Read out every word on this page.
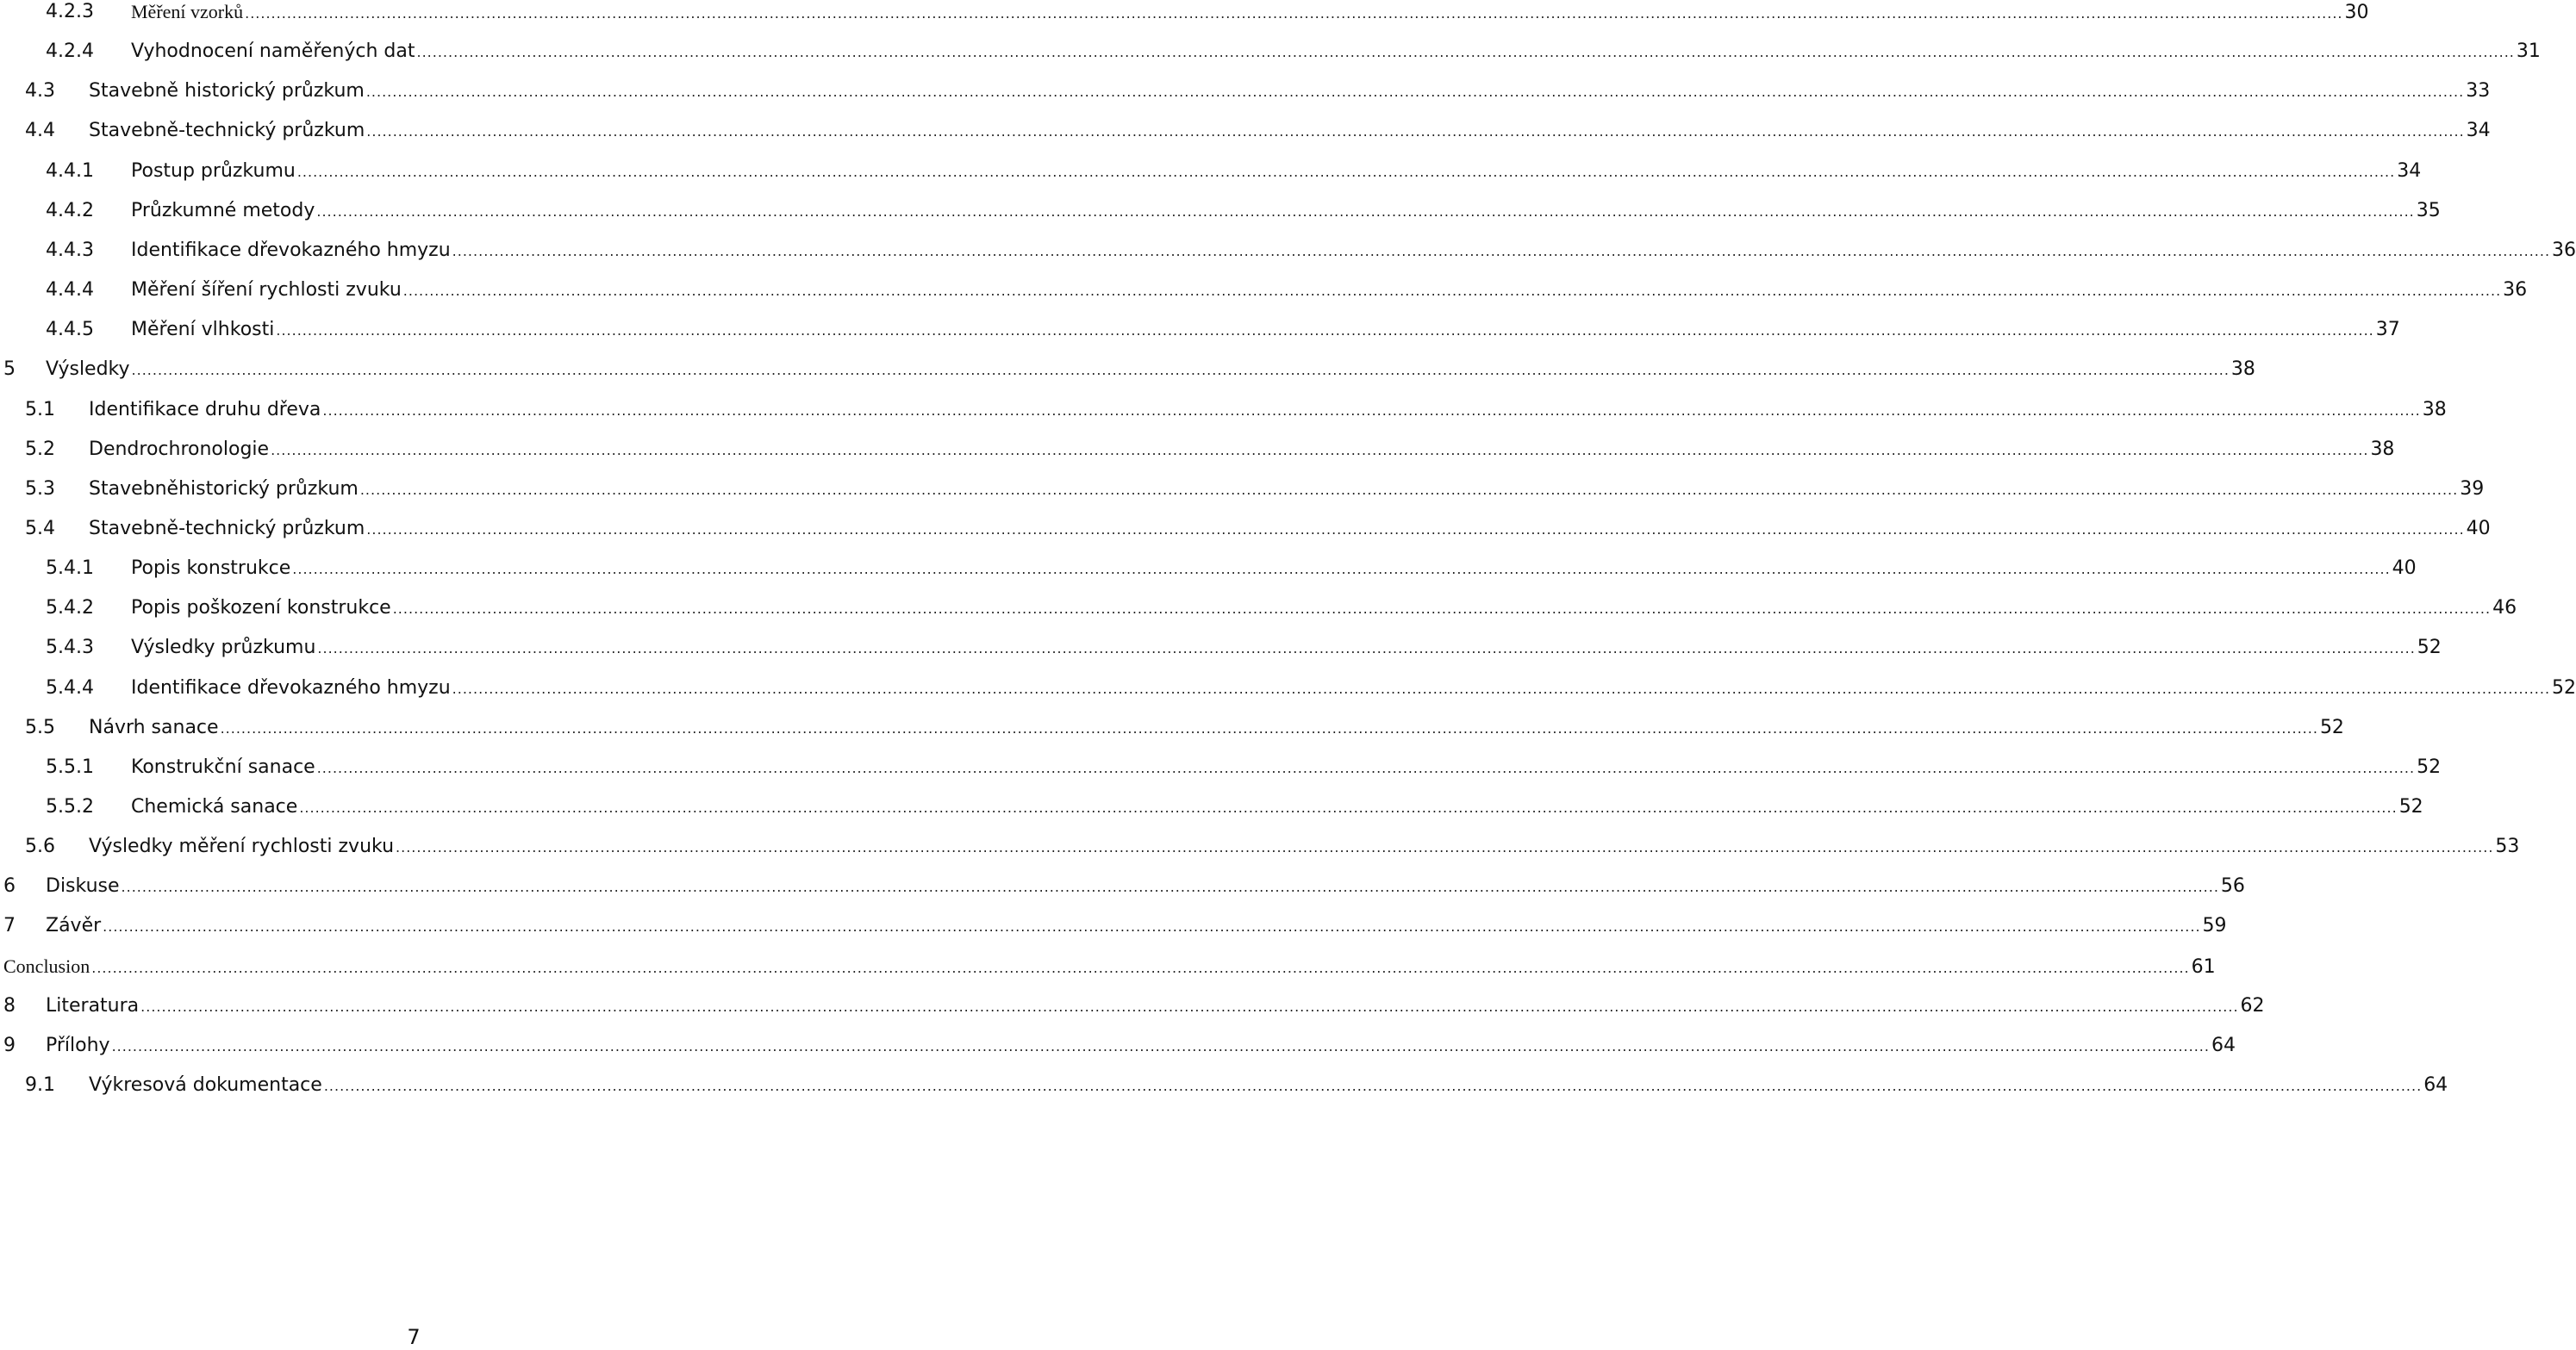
4.2.3 Měření vzorků ................................................................................................................................................................................................................................................................................................................................................................................................................ 30
4.2.4 Vyhodnocení naměřených dat ................................................................................................................................................................................................................................................................................................................................................................................................................ 31
4.3 Stavebně historický průzkum ................................................................................................................................................................................................................................................................................................................................................................................................................ 33
4.4 Stavebně-technický průzkum ................................................................................................................................................................................................................................................................................................................................................................................................................ 34
4.4.1 Postup průzkumu ................................................................................................................................................................................................................................................................................................................................................................................................................ 34
4.4.2 Průzkumné metody ................................................................................................................................................................................................................................................................................................................................................................................................................ 35
4.4.3 Identifikace dřevokazného hmyzu ................................................................................................................................................................................................................................................................................................................................................................................................................ 36
4.4.4 Měření šíření rychlosti zvuku ................................................................................................................................................................................................................................................................................................................................................................................................................ 36
4.4.5 Měření vlhkosti ................................................................................................................................................................................................................................................................................................................................................................................................................ 37
5 Výsledky ................................................................................................................................................................................................................................................................................................................................................................................................................ 38
5.1 Identifikace druhu dřeva ................................................................................................................................................................................................................................................................................................................................................................................................................ 38
5.2 Dendrochronologie ................................................................................................................................................................................................................................................................................................................................................................................................................ 38
5.3 Stavebněhistorický průzkum ................................................................................................................................................................................................................................................................................................................................................................................................................ 39
5.4 Stavebně-technický průzkum ................................................................................................................................................................................................................................................................................................................................................................................................................ 40
5.4.1 Popis konstrukce ................................................................................................................................................................................................................................................................................................................................................................................................................ 40
5.4.2 Popis poškození konstrukce ................................................................................................................................................................................................................................................................................................................................................................................................................ 46
5.4.3 Výsledky průzkumu ................................................................................................................................................................................................................................................................................................................................................................................................................ 52
5.4.4 Identifikace dřevokazného hmyzu ................................................................................................................................................................................................................................................................................................................................................................................................................ 52
5.5 Návrh sanace ................................................................................................................................................................................................................................................................................................................................................................................................................ 52
5.5.1 Konstrukční sanace ................................................................................................................................................................................................................................................................................................................................................................................................................ 52
5.5.2 Chemická sanace ................................................................................................................................................................................................................................................................................................................................................................................................................ 52
5.6 Výsledky měření rychlosti zvuku ................................................................................................................................................................................................................................................................................................................................................................................................................ 53
6 Diskuse ................................................................................................................................................................................................................................................................................................................................................................................................................ 56
7 Závěr ................................................................................................................................................................................................................................................................................................................................................................................................................ 59
Conclusion ................................................................................................................................................................................................................................................................................................................................................................................................................ 61
8 Literatura ................................................................................................................................................................................................................................................................................................................................................................................................................ 62
9 Přílohy ................................................................................................................................................................................................................................................................................................................................................................................................................ 64
9.1 Výkresová dokumentace ................................................................................................................................................................................................................................................................................................................................................................................................................ 64
7
